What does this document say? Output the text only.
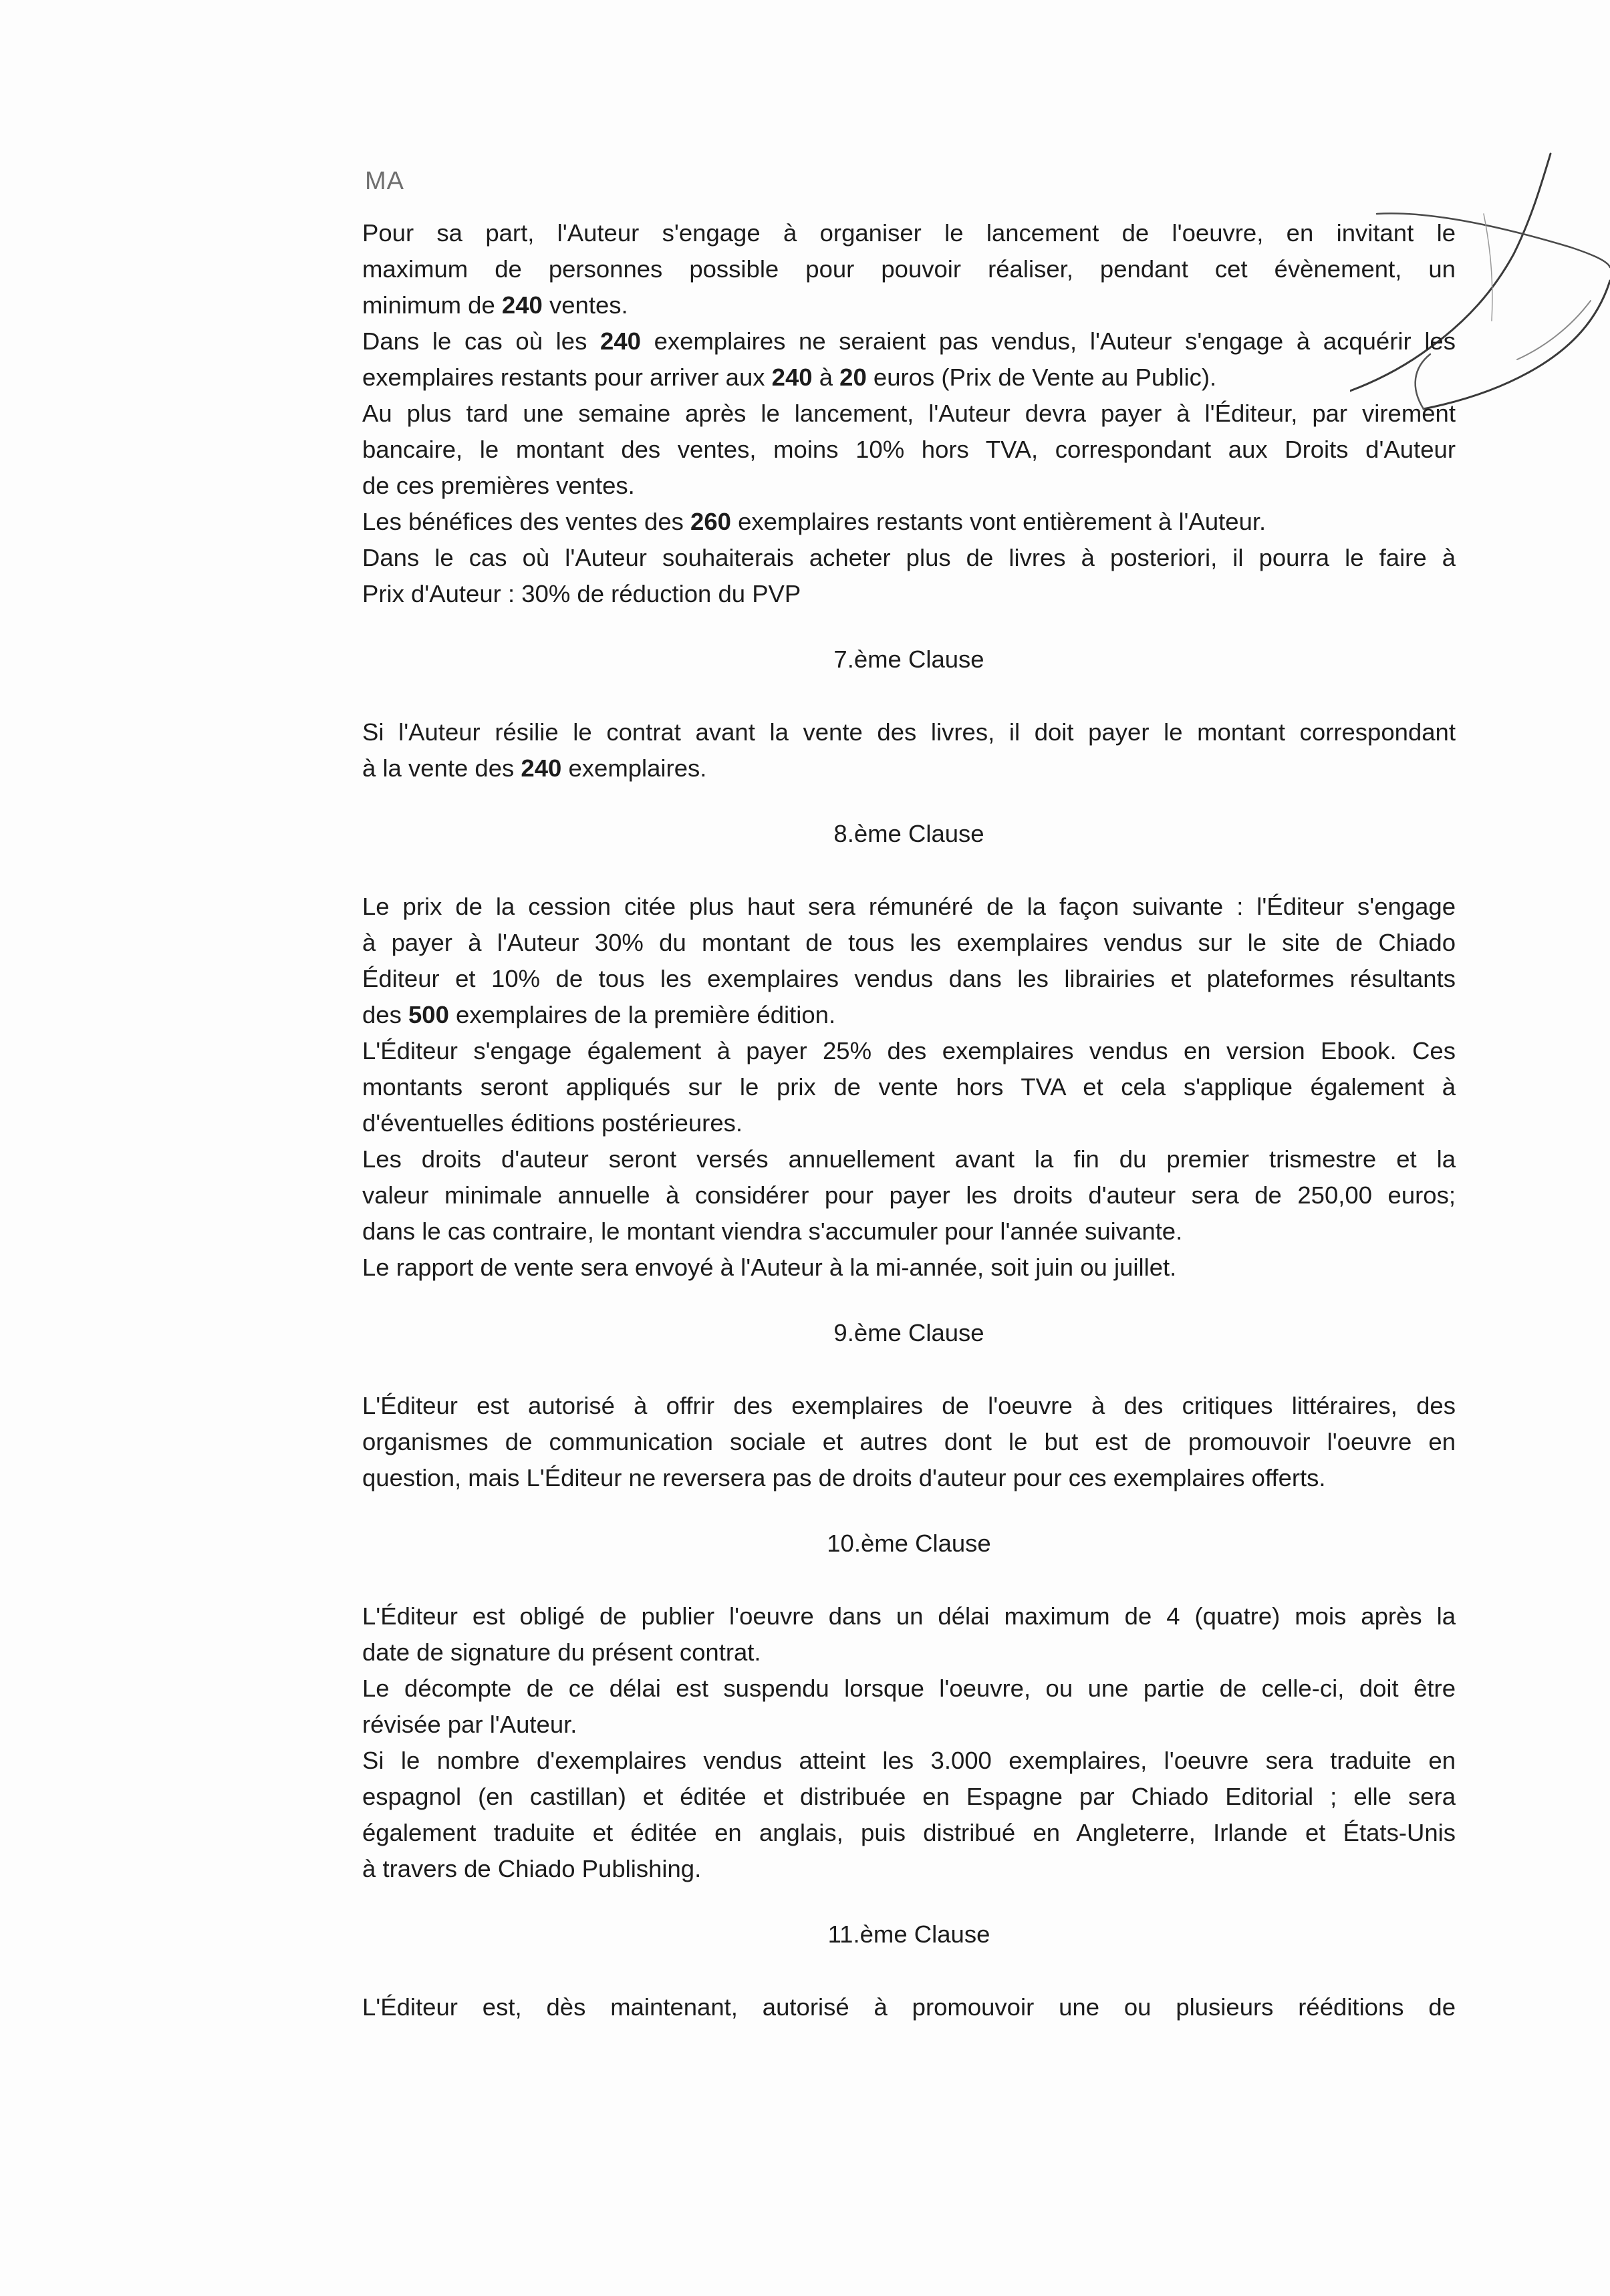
MA
Pour sa part, l'Auteur s'engage à organiser le lancement de l'oeuvre, en invitant le
maximum de personnes possible pour pouvoir réaliser, pendant cet évènement, un
minimum de 240 ventes.
Dans le cas où les 240 exemplaires ne seraient pas vendus, l'Auteur s'engage à acquérir les
exemplaires restants pour arriver aux 240 à 20 euros (Prix de Vente au Public).
Au plus tard une semaine après le lancement, l'Auteur devra payer à l'Éditeur, par virement
bancaire, le montant des ventes, moins 10% hors TVA, correspondant aux Droits d'Auteur
de ces premières ventes.
Les bénéfices des ventes des 260 exemplaires restants vont entièrement à l'Auteur.
Dans le cas où l'Auteur souhaiterais acheter plus de livres à posteriori, il pourra le faire à
Prix d'Auteur : 30% de réduction du PVP
7.ème Clause
Si l'Auteur résilie le contrat avant la vente des livres, il doit payer le montant correspondant
à la vente des 240 exemplaires.
8.ème Clause
Le prix de la cession citée plus haut sera rémunéré de la façon suivante : l'Éditeur s'engage
à payer à l'Auteur 30% du montant de tous les exemplaires vendus sur le site de Chiado
Éditeur et 10% de tous les exemplaires vendus dans les librairies et plateformes résultants
des 500 exemplaires de la première édition.
L'Éditeur s'engage également à payer 25% des exemplaires vendus en version Ebook. Ces
montants seront appliqués sur le prix de vente hors TVA et cela s'applique également à
d'éventuelles éditions postérieures.
Les droits d'auteur seront versés annuellement avant la fin du premier trismestre et la
valeur minimale annuelle à considérer pour payer les droits d'auteur sera de 250,00 euros;
dans le cas contraire, le montant viendra s'accumuler pour l'année suivante.
Le rapport de vente sera envoyé à l'Auteur à la mi-année, soit juin ou juillet.
9.ème Clause
L'Éditeur est autorisé à offrir des exemplaires de l'oeuvre à des critiques littéraires, des
organismes de communication sociale et autres dont le but est de promouvoir l'oeuvre en
question, mais L'Éditeur ne reversera pas de droits d'auteur pour ces exemplaires offerts.
10.ème Clause
L'Éditeur est obligé de publier l'oeuvre dans un délai maximum de 4 (quatre) mois après la
date de signature du présent contrat.
Le décompte de ce délai est suspendu lorsque l'oeuvre, ou une partie de celle-ci, doit être
révisée par l'Auteur.
Si le nombre d'exemplaires vendus atteint les 3.000 exemplaires, l'oeuvre sera traduite en
espagnol (en castillan) et éditée et distribuée en Espagne par Chiado Editorial ; elle sera
également traduite et éditée en anglais, puis distribué en Angleterre, Irlande et États-Unis
à travers de Chiado Publishing.
11.ème Clause
L'Éditeur est, dès maintenant, autorisé à promouvoir une ou plusieurs rééditions de
